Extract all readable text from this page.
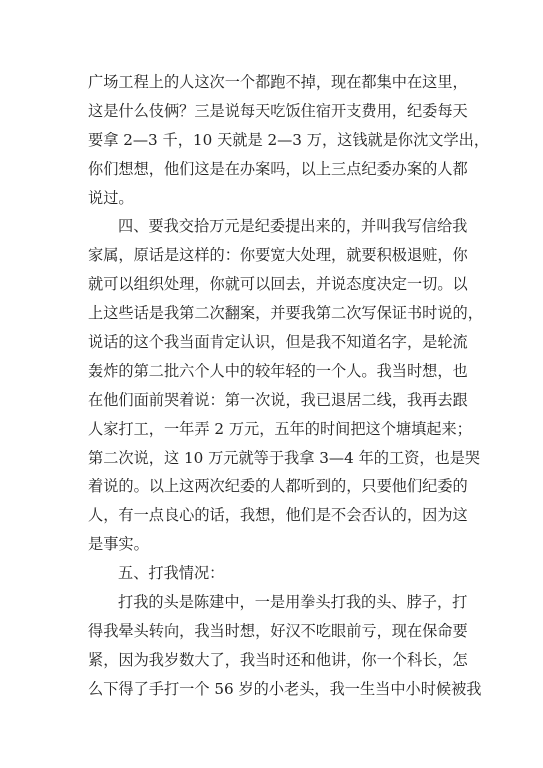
广场工程上的人这次一个都跑不掉，现在都集中在这里，
这是什么伎俩？三是说每天吃饭住宿开支费用，纪委每天
要拿 2—3 千，10 天就是 2—3 万，这钱就是你沈文学出，
你们想想，他们这是在办案吗，以上三点纪委办案的人都
说过。
四、要我交拾万元是纪委提出来的，并叫我写信给我
家属，原话是这样的：你要宽大处理，就要积极退赃，你
就可以组织处理，你就可以回去，并说态度决定一切。以
上这些话是我第二次翻案，并要我第二次写保证书时说的，
说话的这个我当面肯定认识，但是我不知道名字，是轮流
轰炸的第二批六个人中的较年轻的一个人。我当时想，也
在他们面前哭着说：第一次说，我已退居二线，我再去跟
人家打工，一年弄 2 万元，五年的时间把这个塘填起来；
第二次说，这 10 万元就等于我拿 3—4 年的工资，也是哭
着说的。以上这两次纪委的人都听到的，只要他们纪委的
人，有一点良心的话，我想，他们是不会否认的，因为这
是事实。
五、打我情况：
打我的头是陈建中，一是用拳头打我的头、脖子，打
得我晕头转向，我当时想，好汉不吃眼前亏，现在保命要
紧，因为我岁数大了，我当时还和他讲，你一个科长，怎
么下得了手打一个 56 岁的小老头，我一生当中小时候被我
